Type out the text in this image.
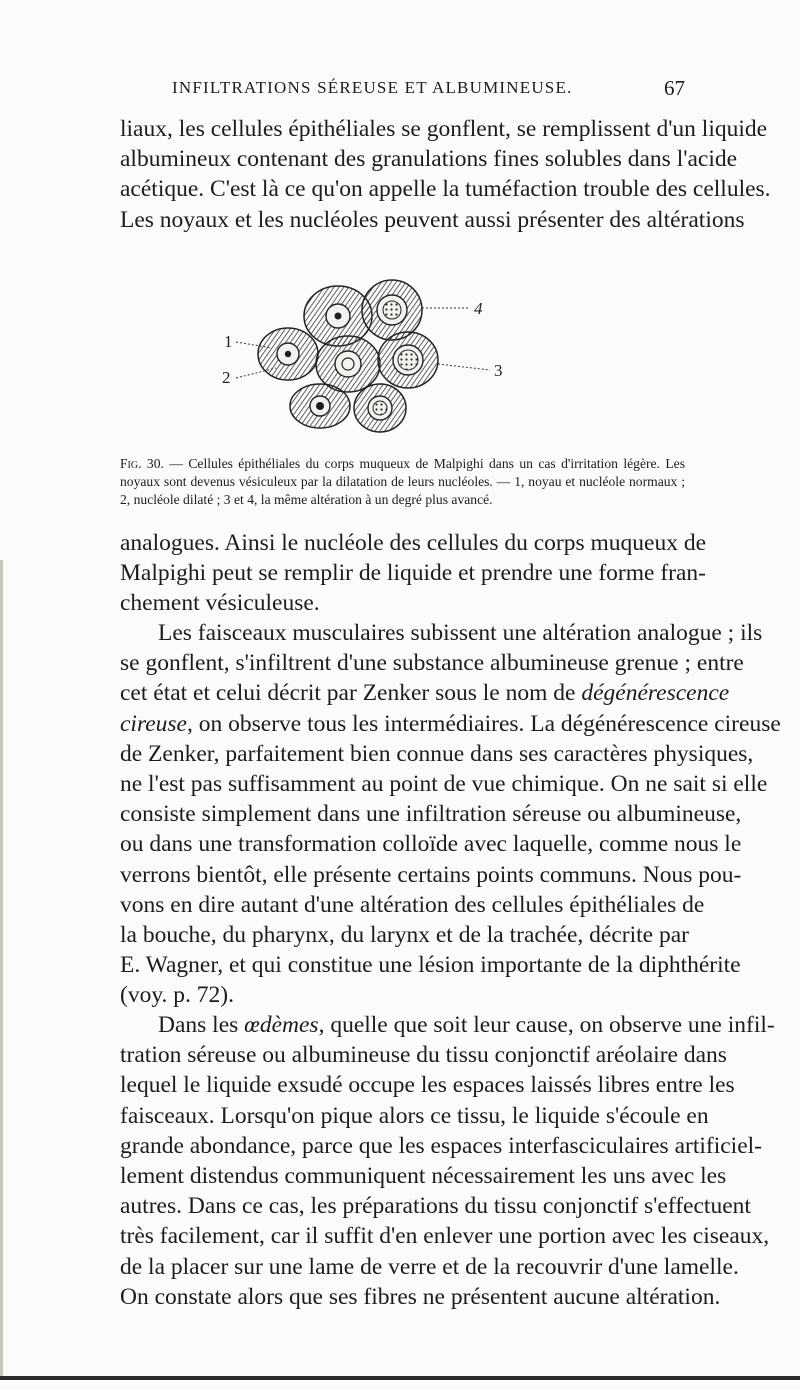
INFILTRATIONS SÉREUSE ET ALBUMINEUSE.	67

liaux, les cellules épithéliales se gonflent, se remplissent d'un liquide
albumineux contenant des granulations fines solubles dans l'acide
acétique. C'est là ce qu'on appelle la tuméfaction trouble des cellules.
Les noyaux et les nucléoles peuvent aussi présenter des altérations

1
2	3
4

Fig. 30. — Cellules épithéliales du corps muqueux de Malpighi dans un cas d'irritation légère. Les
noyaux sont devenus vésiculeux par la dilatation de leurs nucléoles. — 1, noyau et nucléole normaux ;
2, nucléole dilaté ; 3 et 4, la même altération à un degré plus avancé.

analogues. Ainsi le nucléole des cellules du corps muqueux de
Malpighi peut se remplir de liquide et prendre une forme fran-
chement vésiculeuse.

Les faisceaux musculaires subissent une altération analogue ; ils
se gonflent, s'infiltrent d'une substance albumineuse grenue ; entre
cet état et celui décrit par Zenker sous le nom de dégénérescence
cireuse, on observe tous les intermédiaires. La dégénérescence cireuse
de Zenker, parfaitement bien connue dans ses caractères physiques,
ne l'est pas suffisamment au point de vue chimique. On ne sait si elle
consiste simplement dans une infiltration séreuse ou albumineuse,
ou dans une transformation colloïde avec laquelle, comme nous le
verrons bientôt, elle présente certains points communs. Nous pou-
vons en dire autant d'une altération des cellules épithéliales de
la bouche, du pharynx, du larynx et de la trachée, décrite par
E. Wagner, et qui constitue une lésion importante de la diphthérite
(voy. p. 72).

Dans les œdèmes, quelle que soit leur cause, on observe une infil-
tration séreuse ou albumineuse du tissu conjonctif aréolaire dans
lequel le liquide exsudé occupe les espaces laissés libres entre les
faisceaux. Lorsqu'on pique alors ce tissu, le liquide s'écoule en
grande abondance, parce que les espaces interfasciculaires artificiel-
lement distendus communiquent nécessairement les uns avec les
autres. Dans ce cas, les préparations du tissu conjonctif s'effectuent
très facilement, car il suffit d'en enlever une portion avec les ciseaux,
de la placer sur une lame de verre et de la recouvrir d'une lamelle.
On constate alors que ses fibres ne présentent aucune altération.
